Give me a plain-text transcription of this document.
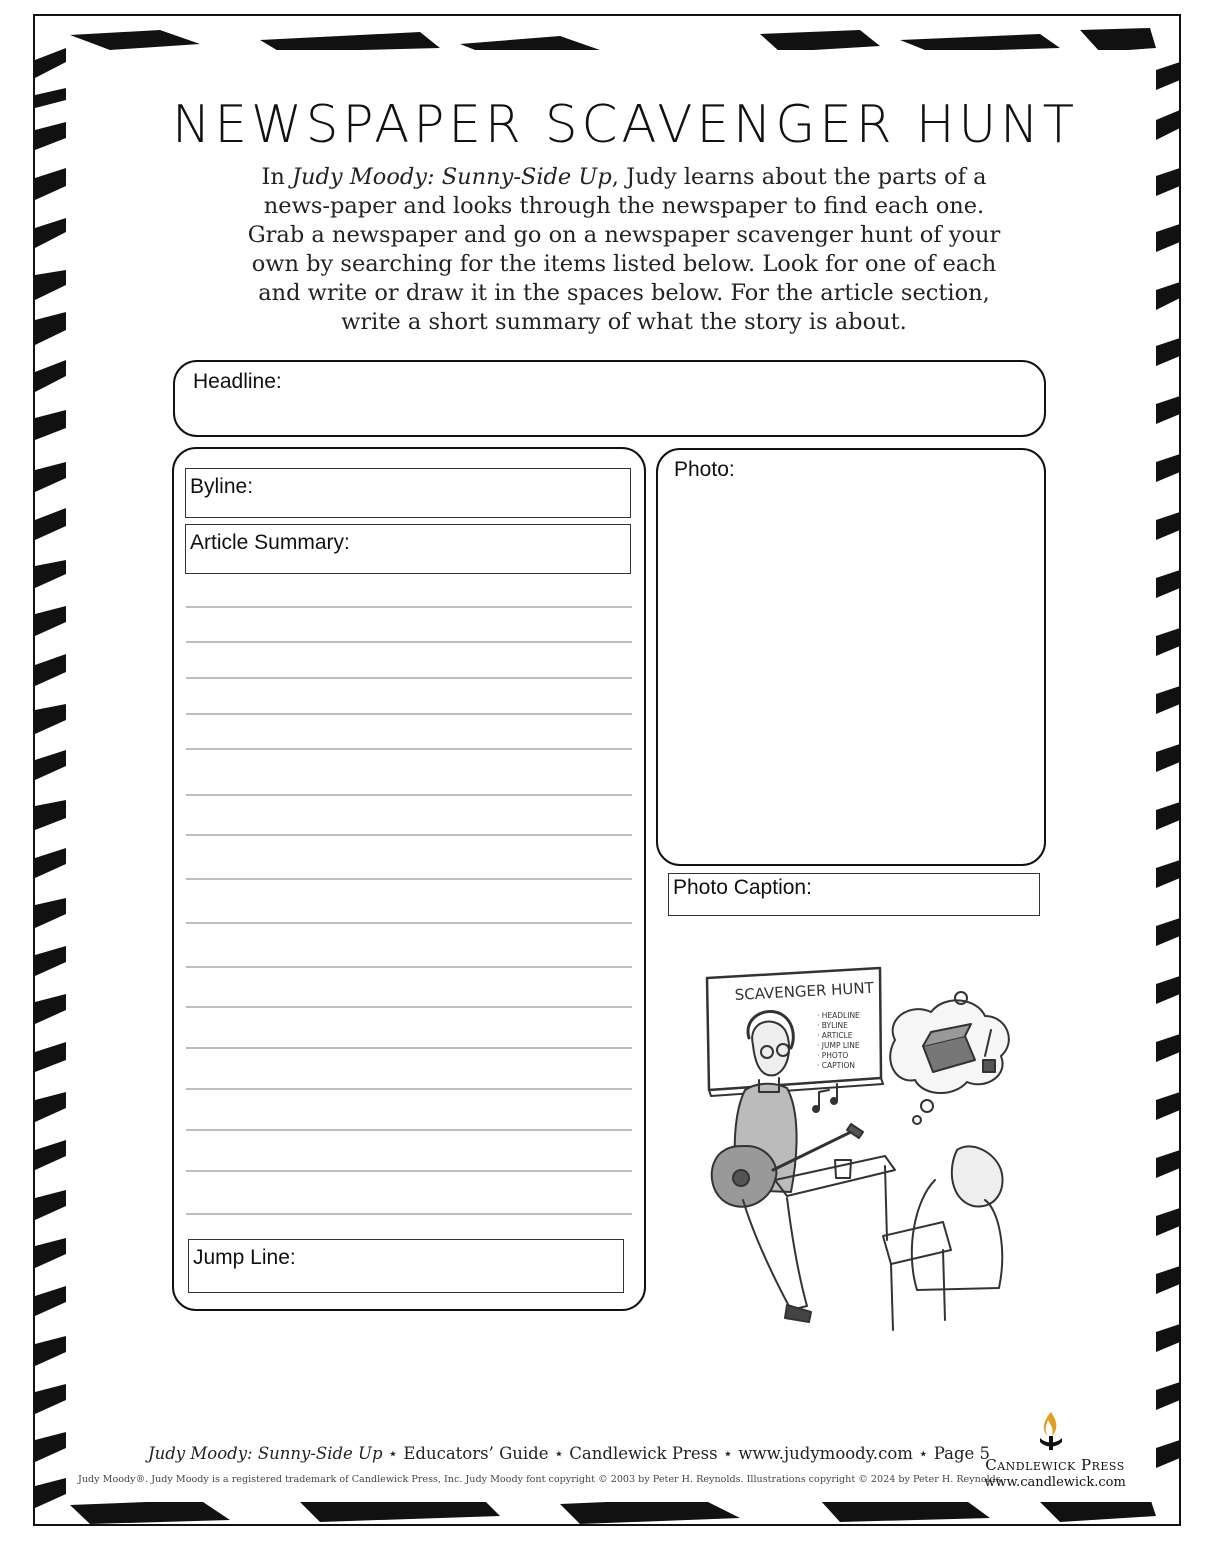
NEWSPAPER SCAVENGER HUNT
In Judy Moody: Sunny-Side Up, Judy learns about the parts of a news-paper and looks through the newspaper to find each one. Grab a newspaper and go on a newspaper scavenger hunt of your own by searching for the items listed below. Look for one of each and write or draw it in the spaces below. For the article section, write a short summary of what the story is about.
Headline:
Byline:
Article Summary:
Jump Line:
Photo:
Photo Caption:
SCAVENGER HUNT
· HEADLINE
· BYLINE
· ARTICLE
· JUMP LINE
· PHOTO
· CAPTION
Judy Moody: Sunny-Side Up ⋆ Educators’ Guide ⋆ Candlewick Press ⋆ www.judymoody.com ⋆ Page 5
Judy Moody®. Judy Moody is a registered trademark of Candlewick Press, Inc. Judy Moody font copyright © 2003 by Peter H. Reynolds. Illustrations copyright © 2024 by Peter H. Reynolds.
Candlewick Press
www.candlewick.com
